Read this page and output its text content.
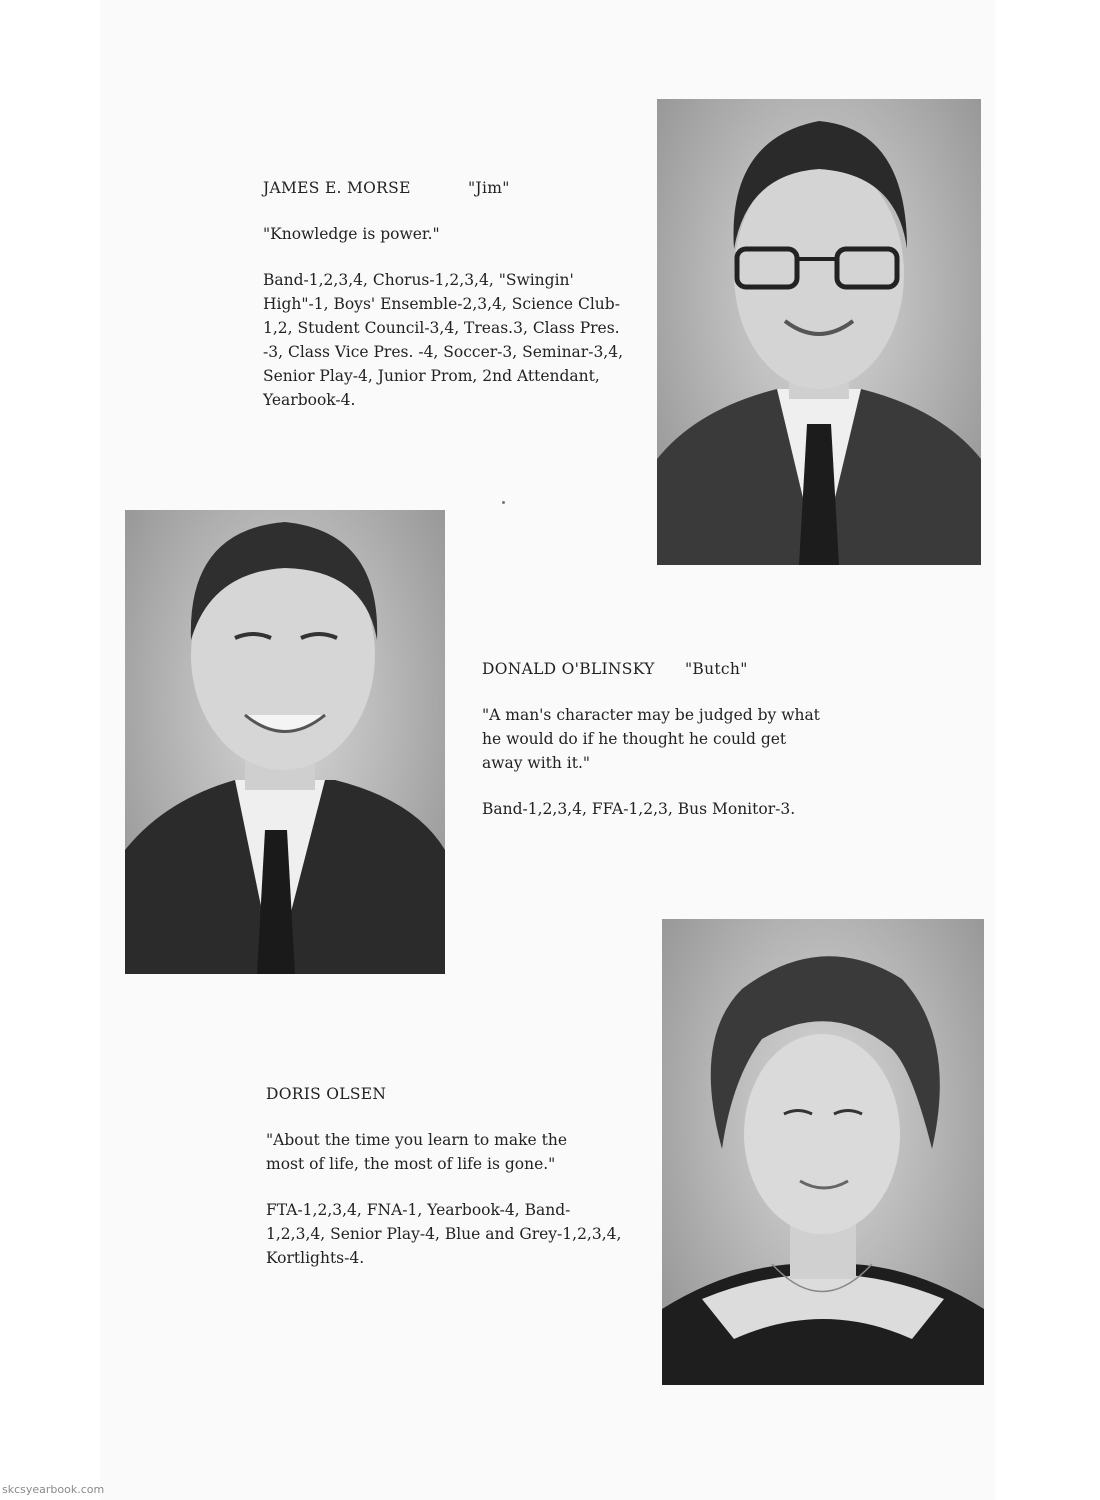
JAMES E. MORSE	"Jim"
"Knowledge is power."
Band-1,2,3,4, Chorus-1,2,3,4, "Swingin' High"-1, Boys' Ensemble-2,3,4, Science Club-1,2, Student Council-3,4, Treas.3, Class Pres. -3, Class Vice Pres. -4, Soccer-3, Seminar-3,4, Senior Play-4, Junior Prom, 2nd Attendant, Yearbook-4.
DONALD O'BLINSKY "Butch"
"A man's character may be judged by what he would do if he thought he could get away with it."
Band-1,2,3,4, FFA-1,2,3, Bus Monitor-3.
DORIS OLSEN
"About the time you learn to make the most of life, the most of life is gone."
FTA-1,2,3,4, FNA-1, Yearbook-4, Band-1,2,3,4, Senior Play-4, Blue and Grey-1,2,3,4, Kortlights-4.
skcsyearbook.com
